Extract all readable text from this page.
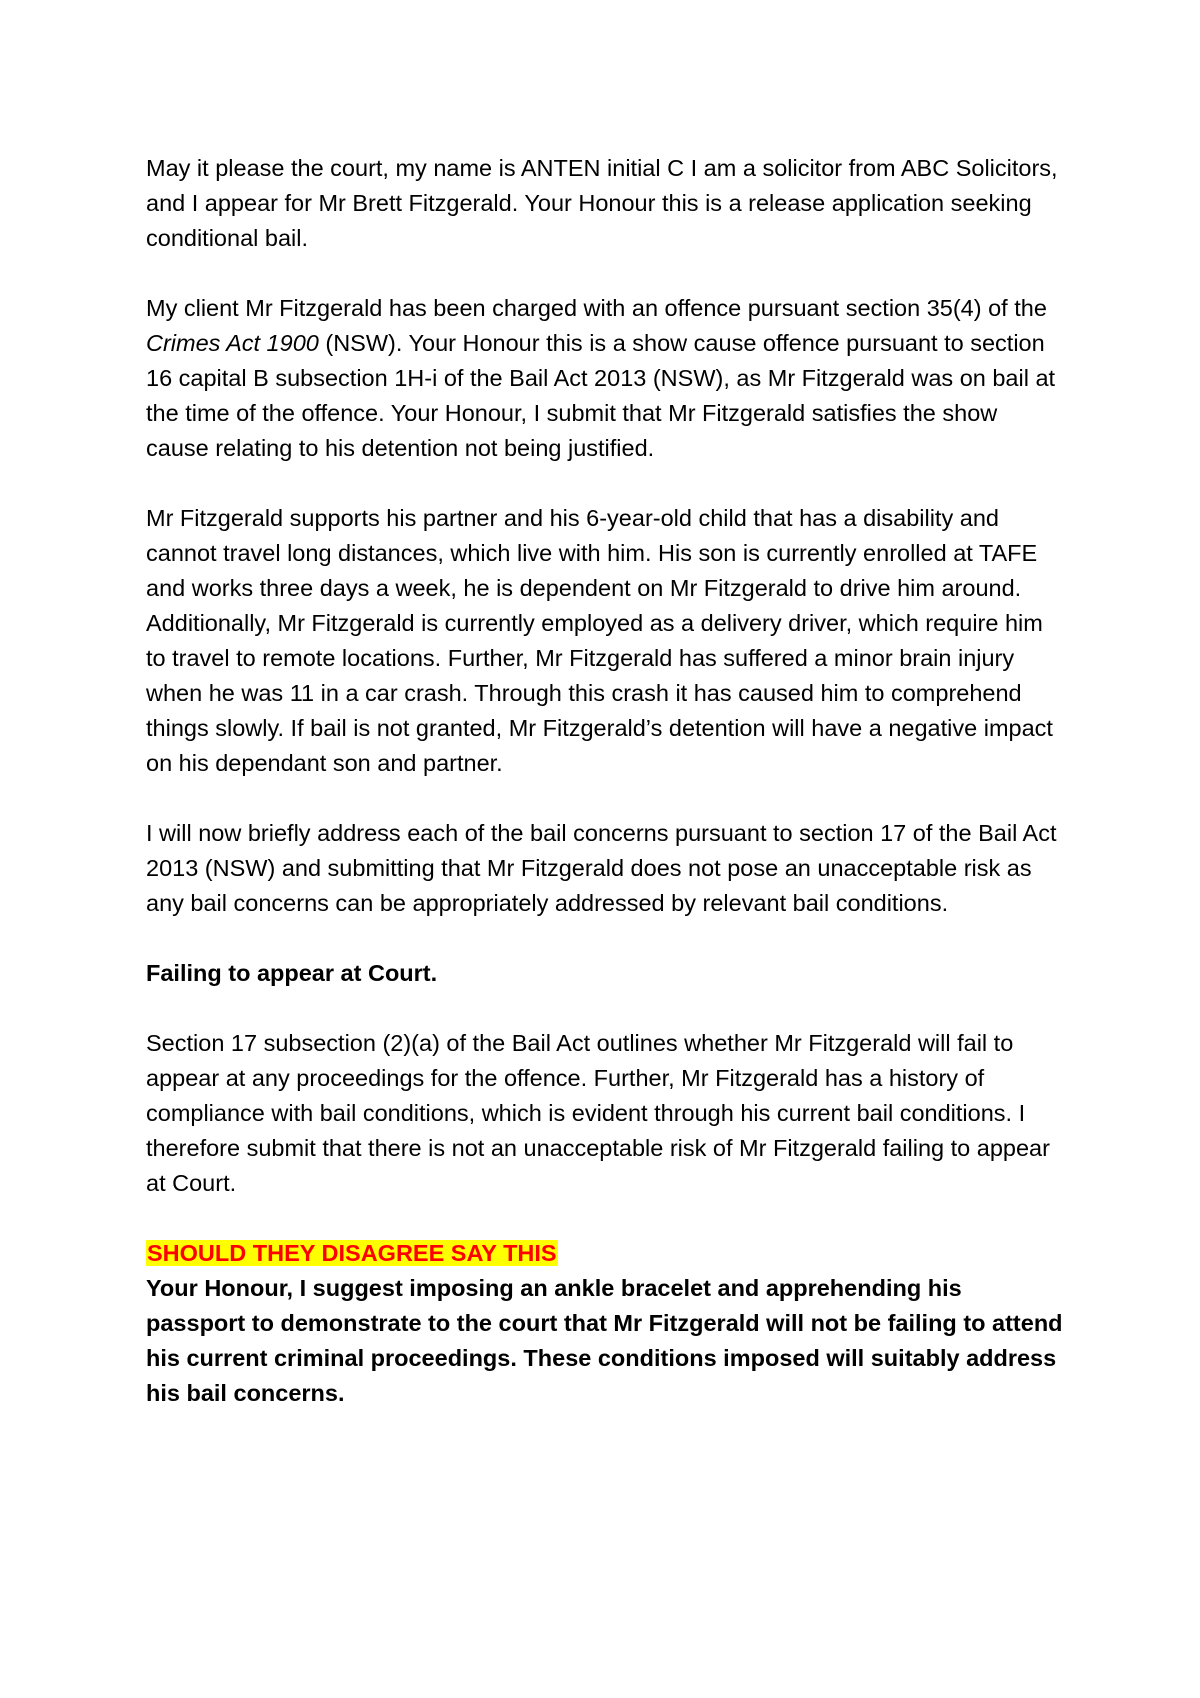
May it please the court, my name is ANTEN initial C I am a solicitor from ABC Solicitors, and I appear for Mr Brett Fitzgerald. Your Honour this is a release application seeking conditional bail.

My client Mr Fitzgerald has been charged with an offence pursuant section 35(4) of the Crimes Act 1900 (NSW). Your Honour this is a show cause offence pursuant to section 16 capital B subsection 1H-i of the Bail Act 2013 (NSW), as Mr Fitzgerald was on bail at the time of the offence. Your Honour, I submit that Mr Fitzgerald satisfies the show cause relating to his detention not being justified.

Mr Fitzgerald supports his partner and his 6-year-old child that has a disability and cannot travel long distances, which live with him. His son is currently enrolled at TAFE and works three days a week, he is dependent on Mr Fitzgerald to drive him around. Additionally, Mr Fitzgerald is currently employed as a delivery driver, which require him to travel to remote locations. Further, Mr Fitzgerald has suffered a minor brain injury when he was 11 in a car crash. Through this crash it has caused him to comprehend things slowly. If bail is not granted, Mr Fitzgerald’s detention will have a negative impact on his dependant son and partner.

I will now briefly address each of the bail concerns pursuant to section 17 of the Bail Act 2013 (NSW) and submitting that Mr Fitzgerald does not pose an unacceptable risk as any bail concerns can be appropriately addressed by relevant bail conditions.

Failing to appear at Court.

Section 17 subsection (2)(a) of the Bail Act outlines whether Mr Fitzgerald will fail to appear at any proceedings for the offence. Further, Mr Fitzgerald has a history of compliance with bail conditions, which is evident through his current bail conditions. I therefore submit that there is not an unacceptable risk of Mr Fitzgerald failing to appear at Court.

SHOULD THEY DISAGREE SAY THIS

Your Honour, I suggest imposing an ankle bracelet and apprehending his passport to demonstrate to the court that Mr Fitzgerald will not be failing to attend his current criminal proceedings. These conditions imposed will suitably address his bail concerns.
